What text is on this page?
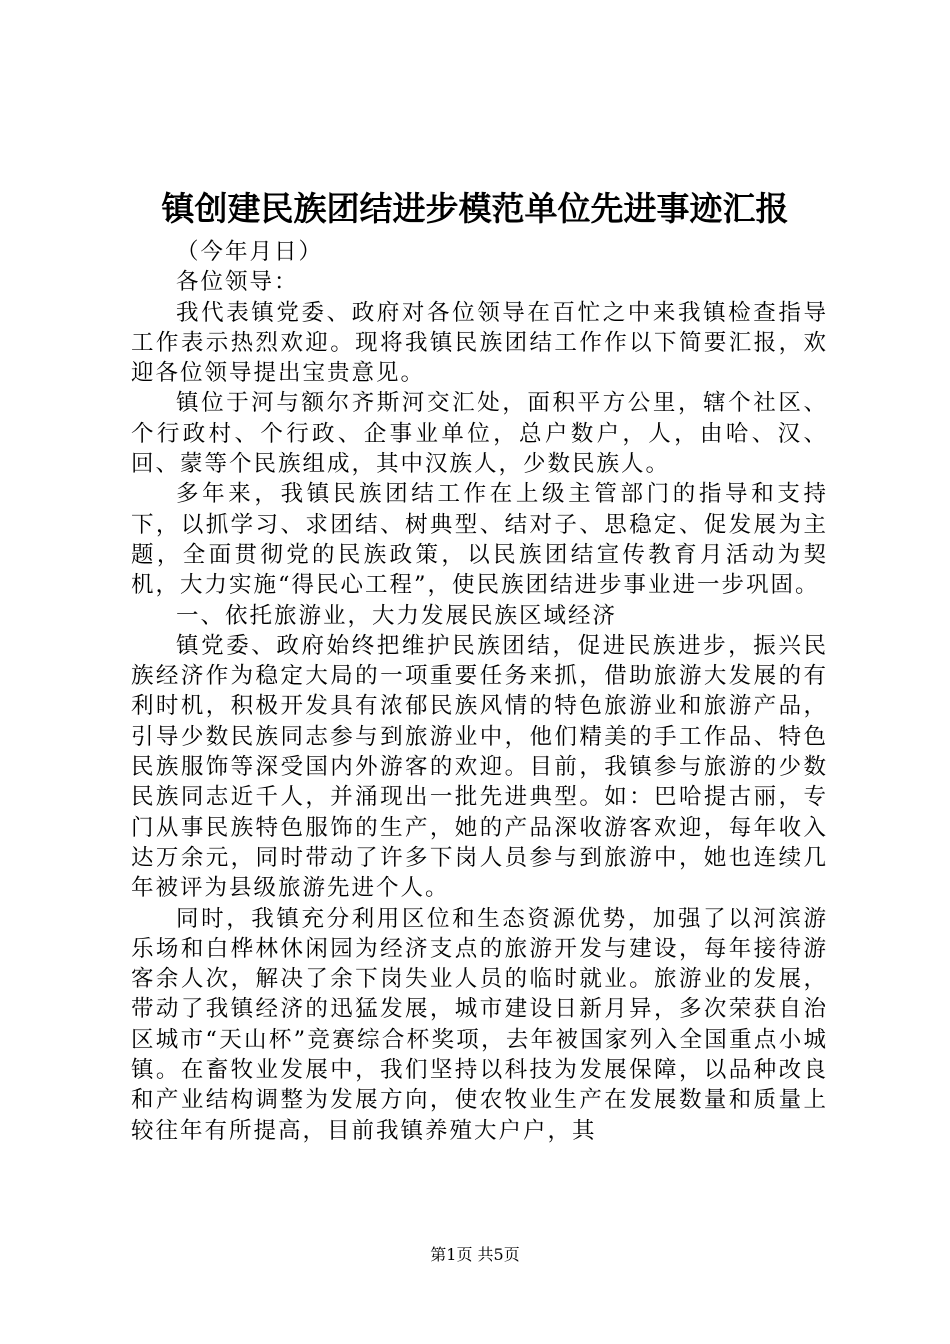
镇创建民族团结进步模范单位先进事迹汇报

（今年月日）

各位领导：

我代表镇党委、政府对各位领导在百忙之中来我镇检查指导工作表示热烈欢迎。现将我镇民族团结工作作以下简要汇报，欢迎各位领导提出宝贵意见。

镇位于河与额尔齐斯河交汇处，面积平方公里，辖个社区、个行政村、个行政、企事业单位，总户数户，人，由哈、汉、回、蒙等个民族组成，其中汉族人，少数民族人。

多年来，我镇民族团结工作在上级主管部门的指导和支持下，以抓学习、求团结、树典型、结对子、思稳定、促发展为主题，全面贯彻党的民族政策，以民族团结宣传教育月活动为契机，大力实施“得民心工程”，使民族团结进步事业进一步巩固。

一、依托旅游业，大力发展民族区域经济

镇党委、政府始终把维护民族团结，促进民族进步，振兴民族经济作为稳定大局的一项重要任务来抓，借助旅游大发展的有利时机，积极开发具有浓郁民族风情的特色旅游业和旅游产品，引导少数民族同志参与到旅游业中，他们精美的手工作品、特色民族服饰等深受国内外游客的欢迎。目前，我镇参与旅游的少数民族同志近千人，并涌现出一批先进典型。如：巴哈提古丽，专门从事民族特色服饰的生产，她的产品深收游客欢迎，每年收入达万余元，同时带动了许多下岗人员参与到旅游中，她也连续几年被评为县级旅游先进个人。

同时，我镇充分利用区位和生态资源优势，加强了以河滨游乐场和白桦林休闲园为经济支点的旅游开发与建设，每年接待游客余人次，解决了余下岗失业人员的临时就业。旅游业的发展，带动了我镇经济的迅猛发展，城市建设日新月异，多次荣获自治区城市“天山杯”竞赛综合杯奖项，去年被国家列入全国重点小城镇。在畜牧业发展中，我们坚持以科技为发展保障，以品种改良和产业结构调整为发展方向，使农牧业生产在发展数量和质量上较往年有所提高，目前我镇养殖大户户，其

第1页 共5页
